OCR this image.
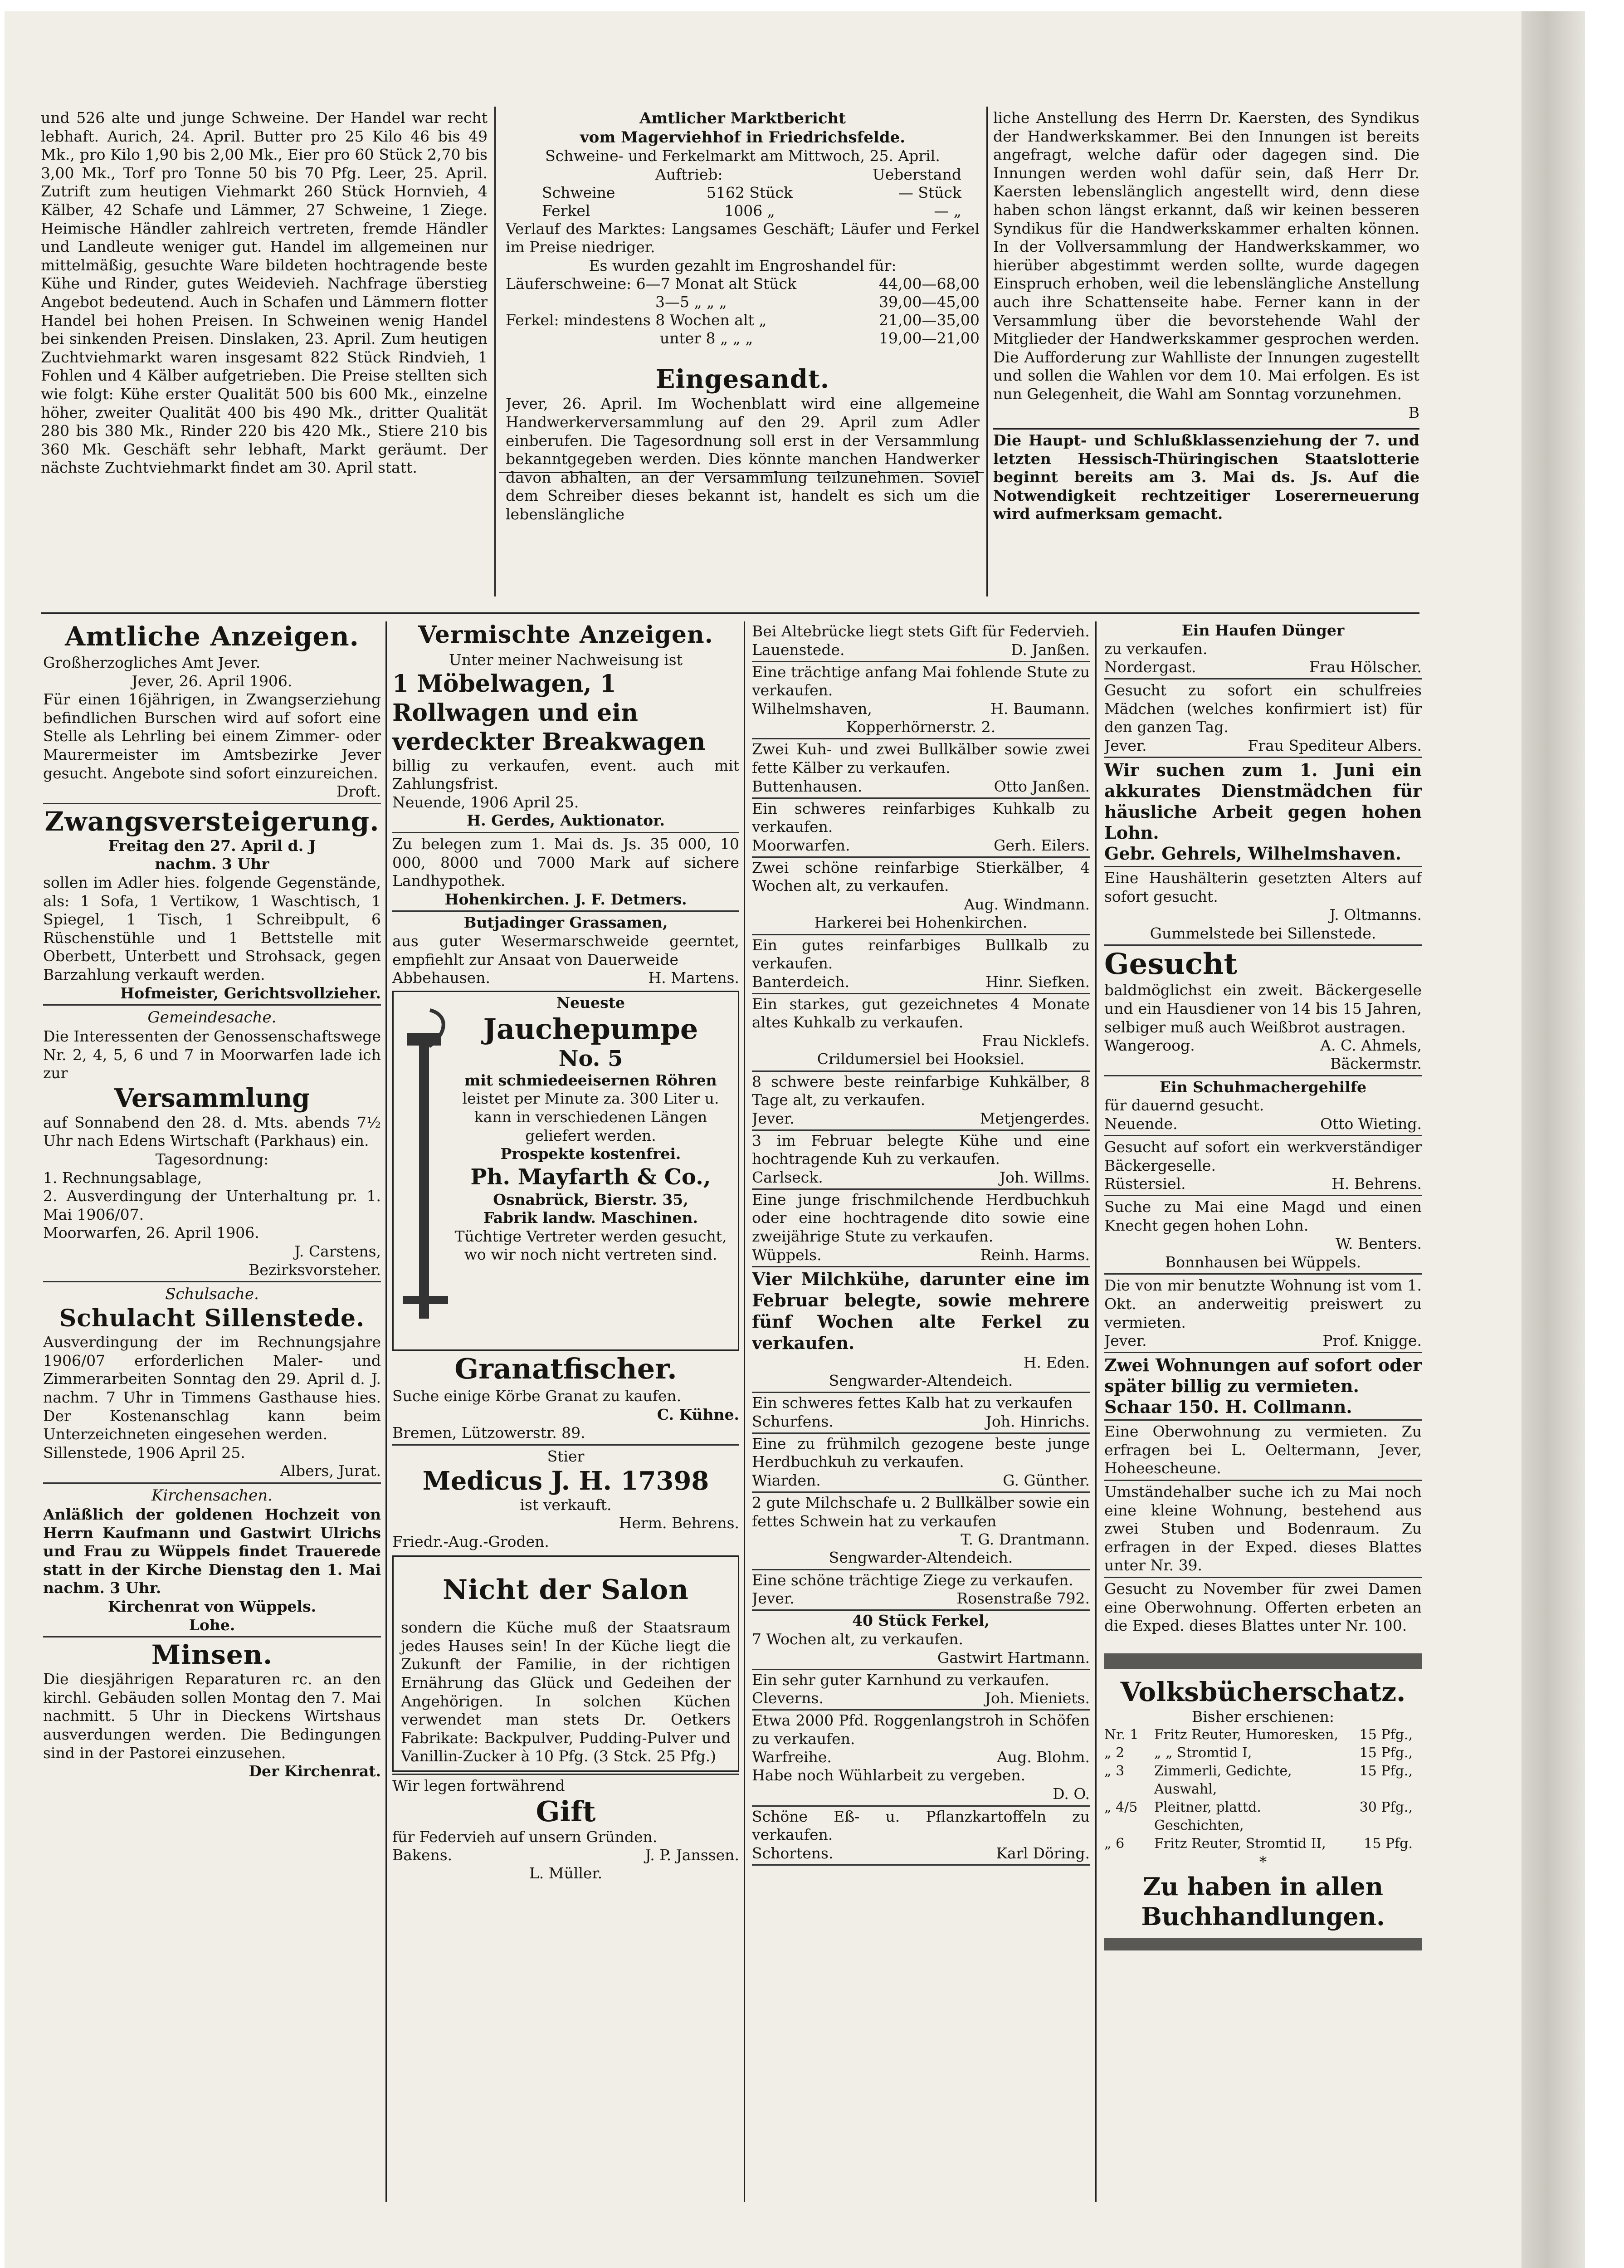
und 526 alte und junge Schweine. Der Handel war recht lebhaft. Aurich, 24. April. Butter pro 25 Kilo 46 bis 49 Mk., pro Kilo 1,90 bis 2,00 Mk., Eier pro 60 Stück 2,70 bis 3,00 Mk., Torf pro Tonne 50 bis 70 Pfg. Leer, 25. April. Zutrift zum heutigen Viehmarkt 260 Stück Hornvieh, 4 Kälber, 42 Schafe und Lämmer, 27 Schweine, 1 Ziege. Heimische Händler zahlreich vertreten, fremde Händler und Landleute weniger gut. Handel im allgemeinen nur mittelmäßig, gesuchte Ware bildeten hochtragende beste Kühe und Rinder, gutes Weidevieh. Nachfrage überstieg Angebot bedeutend. Auch in Schafen und Lämmern flotter Handel bei hohen Preisen. In Schweinen wenig Handel bei sinkenden Preisen. Dinslaken, 23. April. Zum heutigen Zuchtviehmarkt waren insgesamt 822 Stück Rindvieh, 1 Fohlen und 4 Kälber aufgetrieben. Die Preise stellten sich wie folgt: Kühe erster Qualität 500 bis 600 Mk., einzelne höher, zweiter Qualität 400 bis 490 Mk., dritter Qualität 280 bis 380 Mk., Rinder 220 bis 420 Mk., Stiere 210 bis 360 Mk. Geschäft sehr lebhaft, Markt geräumt. Der nächste Zuchtviehmarkt findet am 30. April statt.

Amtlicher Marktbericht
vom Magerviehhof in Friedrichsfelde.

Schweine- und Ferkelmarkt am Mittwoch, 25. April.

Auftrieb:	Ueberstand
Schweine	5162 Stück	— Stück
Ferkel	1006 „	— „

Verlauf des Marktes: Langsames Geschäft; Läufer und Ferkel im Preise niedriger.

Es wurden gezahlt im Engroshandel für:

Läuferschweine: 6—7 Monat alt Stück	44,00—68,00
3—5 „ „ „	39,00—45,00
Ferkel: mindestens 8 Wochen alt „	21,00—35,00
unter 8 „ „ „	19,00—21,00
Eingesandt.

Jever, 26. April. Im Wochenblatt wird eine allgemeine Handwerkerversammlung auf den 29. April zum Adler einberufen. Die Tagesordnung soll erst in der Versammlung bekanntgegeben werden. Dies könnte manchen Handwerker davon abhalten, an der Versammlung teilzunehmen. Soviel dem Schreiber dieses bekannt ist, handelt es sich um die lebenslängliche

liche Anstellung des Herrn Dr. Kaersten, des Syndikus der Handwerkskammer. Bei den Innungen ist bereits angefragt, welche dafür oder dagegen sind. Die Innungen werden wohl dafür sein, daß Herr Dr. Kaersten lebenslänglich angestellt wird, denn diese haben schon längst erkannt, daß wir keinen besseren Syndikus für die Handwerkskammer erhalten können. In der Vollversammlung der Handwerkskammer, wo hierüber abgestimmt werden sollte, wurde dagegen Einspruch erhoben, weil die lebenslängliche Anstellung auch ihre Schattenseite habe. Ferner kann in der Versammlung über die bevorstehende Wahl der Mitglieder der Handwerkskammer gesprochen werden. Die Aufforderung zur Wahlliste der Innungen zugestellt und sollen die Wahlen vor dem 10. Mai erfolgen. Es ist nun Gelegenheit, die Wahl am Sonntag vorzunehmen.

B

Die Haupt- und Schlußklassenziehung der 7. und letzten Hessisch-Thüringischen Staatslotterie beginnt bereits am 3. Mai ds. Js. Auf die Notwendigkeit rechtzeitiger Losererneuerung wird aufmerksam gemacht.

Amtliche Anzeigen.

Großherzogliches Amt Jever.

Jever, 26. April 1906.

Für einen 16jährigen, in Zwangserziehung befindlichen Burschen wird auf sofort eine Stelle als Lehrling bei einem Zimmer- oder Maurermeister im Amtsbezirke Jever gesucht. Angebote sind sofort einzureichen.

Droft.

Zwangsversteigerung.

Freitag den 27. April d. J

nachm. 3 Uhr

sollen im Adler hies. folgende Gegenstände, als: 1 Sofa, 1 Vertikow, 1 Waschtisch, 1 Spiegel, 1 Tisch, 1 Schreibpult, 6 Rüschenstühle und 1 Bettstelle mit Oberbett, Unterbett und Strohsack, gegen Barzahlung verkauft werden.

Hofmeister, Gerichtsvollzieher.

Gemeindesache.

Die Interessenten der Genossenschaftswege Nr. 2, 4, 5, 6 und 7 in Moorwarfen lade ich zur

Versammlung

auf Sonnabend den 28. d. Mts. abends 7½ Uhr nach Edens Wirtschaft (Parkhaus) ein.

Tagesordnung:

1. Rechnungsablage,

2. Ausverdingung der Unterhaltung pr. 1. Mai 1906/07.

Moorwarfen, 26. April 1906.

J. Carstens,

Bezirksvorsteher.

Schulsache.
Schulacht Sillenstede.

Ausverdingung der im Rechnungsjahre 1906/07 erforderlichen Maler- und Zimmerarbeiten Sonntag den 29. April d. J. nachm. 7 Uhr in Timmens Gasthause hies. Der Kostenanschlag kann beim Unterzeichneten eingesehen werden.

Sillenstede, 1906 April 25.

Albers, Jurat.

Kirchensachen.

Anläßlich der goldenen Hochzeit von Herrn Kaufmann und Gastwirt Ulrichs und Frau zu Wüppels findet Trauerede statt in der Kirche Dienstag den 1. Mai nachm. 3 Uhr.

Kirchenrat von Wüppels.

Lohe.

Minsen.

Die diesjährigen Reparaturen rc. an den kirchl. Gebäuden sollen Montag den 7. Mai nachmitt. 5 Uhr in Dieckens Wirtshaus ausverdungen werden. Die Bedingungen sind in der Pastorei einzusehen.

Der Kirchenrat.

Vermischte Anzeigen.

Unter meiner Nachweisung ist

1 Möbelwagen, 1 Rollwagen und ein verdeckter Breakwagen

billig zu verkaufen, event. auch mit Zahlungsfrist.

Neuende, 1906 April 25.

H. Gerdes, Auktionator.

Zu belegen zum 1. Mai ds. Js. 35 000, 10 000, 8000 und 7000 Mark auf sichere Landhypothek.

Hohenkirchen. J. F. Detmers.

Butjadinger Grassamen,

aus guter Wesermarschweide geerntet, empfiehlt zur Ansaat von Dauerweide

Abbehausen.	H. Martens.

Neueste

Jauchepumpe
No. 5

mit schmiedeeisernen Röhren

leistet per Minute za. 300 Liter u. kann in verschiedenen Längen geliefert werden.

Prospekte kostenfrei.

Ph. Mayfarth & Co.,

Osnabrück, Bierstr. 35,

Fabrik landw. Maschinen.

Tüchtige Vertreter werden gesucht, wo wir noch nicht vertreten sind.

Granatfischer.

Suche einige Körbe Granat zu kaufen.

C. Kühne.

Bremen, Lützowerstr. 89.

Stier

Medicus J. H. 17398

ist verkauft.

Herm. Behrens.

Friedr.-Aug.-Groden.

Nicht der Salon

sondern die Küche muß der Staatsraum jedes Hauses sein! In der Küche liegt die Zukunft der Familie, in der richtigen Ernährung das Glück und Gedeihen der Angehörigen. In solchen Küchen verwendet man stets Dr. Oetkers Fabrikate: Backpulver, Pudding-Pulver und Vanillin-Zucker à 10 Pfg. (3 Stck. 25 Pfg.)

Wir legen fortwährend

Gift

für Federvieh auf unsern Gründen.

Bakens.	J. P. Janssen.

L. Müller.

Bei Altebrücke liegt stets Gift für Federvieh.

Lauenstede.	D. Janßen.

Eine trächtige anfang Mai fohlende Stute zu verkaufen.

Wilhelmshaven,	H. Baumann.

Kopperhörnerstr. 2.

Zwei Kuh- und zwei Bullkälber sowie zwei fette Kälber zu verkaufen.

Buttenhausen.	Otto Janßen.

Ein schweres reinfarbiges Kuhkalb zu verkaufen.

Moorwarfen.	Gerh. Eilers.

Zwei schöne reinfarbige Stierkälber, 4 Wochen alt, zu verkaufen.

Aug. Windmann.

Harkerei bei Hohenkirchen.

Ein gutes reinfarbiges Bullkalb zu verkaufen.

Banterdeich.	Hinr. Siefken.

Ein starkes, gut gezeichnetes 4 Monate altes Kuhkalb zu verkaufen.

Frau Nicklefs.

Crildumersiel bei Hooksiel.

8 schwere beste reinfarbige Kuhkälber, 8 Tage alt, zu verkaufen.

Jever.	Metjengerdes.

3 im Februar belegte Kühe und eine hochtragende Kuh zu verkaufen.

Carlseck.	Joh. Willms.

Eine junge frischmilchende Herdbuchkuh oder eine hochtragende dito sowie eine zweijährige Stute zu verkaufen.

Wüppels.	Reinh. Harms.

Vier Milchkühe, darunter eine im Februar belegte, sowie mehrere fünf Wochen alte Ferkel zu verkaufen.

H. Eden.

Sengwarder-Altendeich.

Ein schweres fettes Kalb hat zu verkaufen

Schurfens.	Joh. Hinrichs.

Eine zu frühmilch gezogene beste junge Herdbuchkuh zu verkaufen.

Wiarden.	G. Günther.

2 gute Milchschafe u. 2 Bullkälber sowie ein fettes Schwein hat zu verkaufen

T. G. Drantmann.

Sengwarder-Altendeich.

Eine schöne trächtige Ziege zu verkaufen.

Jever.	Rosenstraße 792.

40 Stück Ferkel,

7 Wochen alt, zu verkaufen.

Gastwirt Hartmann.

Ein sehr guter Karnhund zu verkaufen.

Cleverns.	Joh. Mieniets.

Etwa 2000 Pfd. Roggenlangstroh in Schöfen zu verkaufen.

Warfreihe.	Aug. Blohm.

Habe noch Wühlarbeit zu vergeben.

D. O.

Schöne Eß- u. Pflanzkartoffeln zu verkaufen.

Schortens.	Karl Döring.

Ein Haufen Dünger

zu verkaufen.

Nordergast.	Frau Hölscher.

Gesucht zu sofort ein schulfreies Mädchen (welches konfirmiert ist) für den ganzen Tag.

Jever.	Frau Spediteur Albers.

Wir suchen zum 1. Juni ein akkurates Dienstmädchen für häusliche Arbeit gegen hohen Lohn.

Gebr. Gehrels, Wilhelmshaven.

Eine Haushälterin gesetzten Alters auf sofort gesucht.

J. Oltmanns.

Gummelstede bei Sillenstede.

Gesucht

baldmöglichst ein zweit. Bäckergeselle und ein Hausdiener von 14 bis 15 Jahren, selbiger muß auch Weißbrot austragen.

Wangeroog.	A. C. Ahmels,

Bäckermstr.

Ein Schuhmachergehilfe

für dauernd gesucht.

Neuende.	Otto Wieting.

Gesucht auf sofort ein werkverständiger Bäckergeselle.

Rüstersiel.	H. Behrens.

Suche zu Mai eine Magd und einen Knecht gegen hohen Lohn.

W. Benters.

Bonnhausen bei Wüppels.

Die von mir benutzte Wohnung ist vom 1. Okt. an anderweitig preiswert zu vermieten.

Jever.	Prof. Knigge.

Zwei Wohnungen auf sofort oder später billig zu vermieten.

Schaar 150. H. Collmann.

Eine Oberwohnung zu vermieten. Zu erfragen bei L. Oeltermann, Jever, Hoheescheune.

Umständehalber suche ich zu Mai noch eine kleine Wohnung, bestehend aus zwei Stuben und Bodenraum. Zu erfragen in der Exped. dieses Blattes unter Nr. 39.

Gesucht zu November für zwei Damen eine Oberwohnung. Offerten erbeten an die Exped. dieses Blattes unter Nr. 100.

Volksbücherschatz.

Bisher erschienen:

Nr. 1	Fritz Reuter, Humoresken,	15 Pfg.,
„ 2	„ „ Stromtid I,	15 Pfg.,
„ 3	Zimmerli, Gedichte, Auswahl,
15 Pfg.,
„ 4/5	Pleitner, plattd. Geschichten,
30 Pfg.,
„ 6	Fritz Reuter, Stromtid II,	15 Pfg.

*

Zu haben in allen Buchhandlungen.
